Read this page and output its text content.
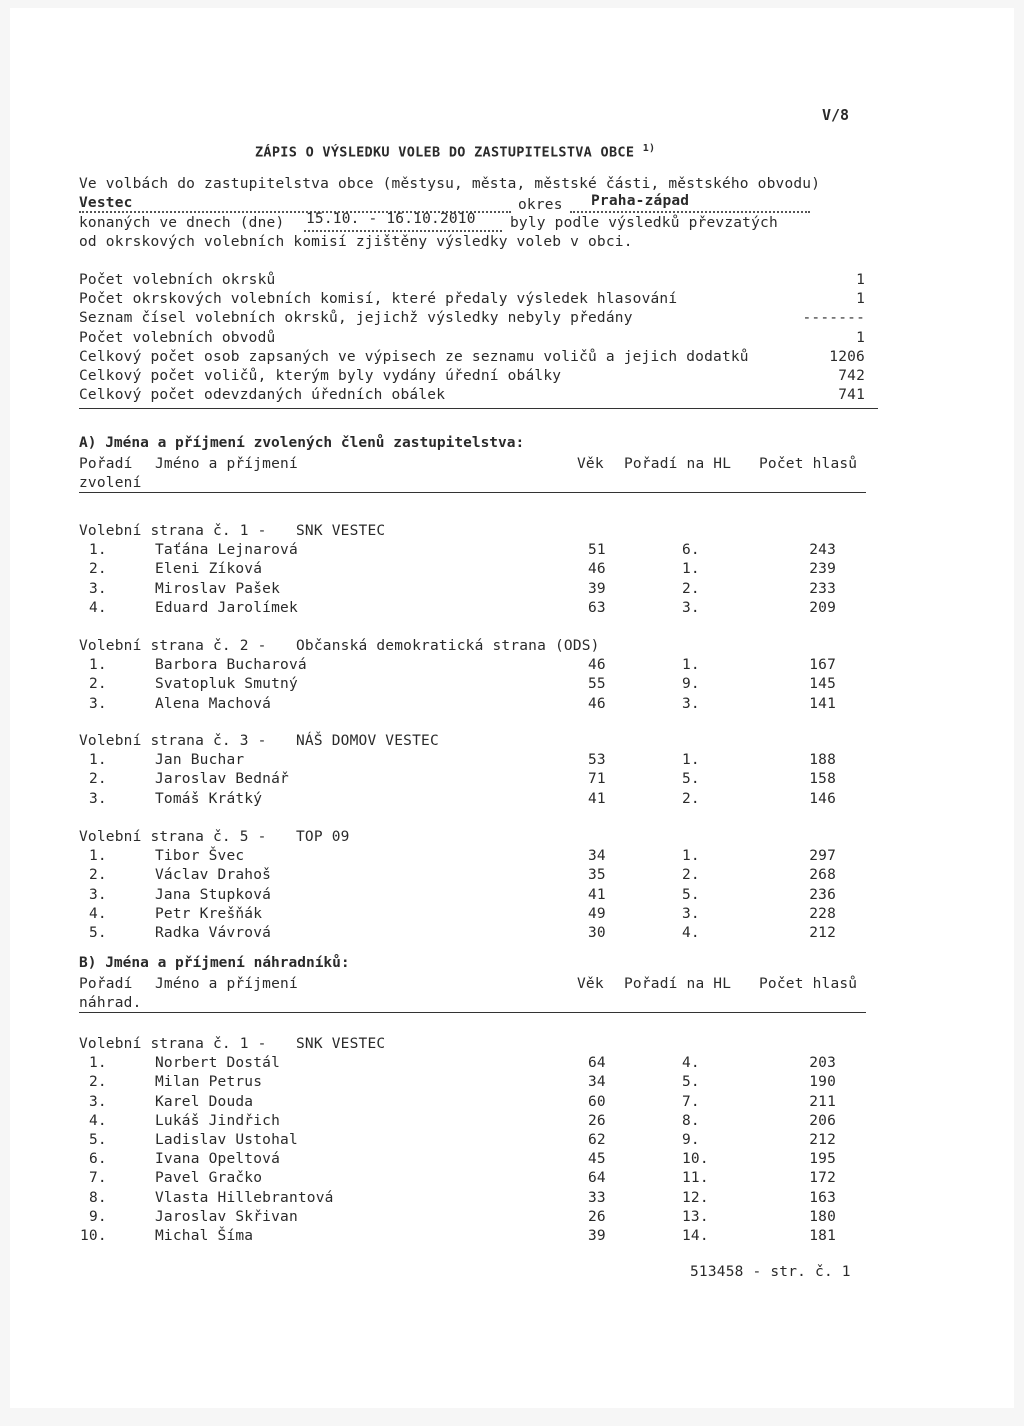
V/8
ZÁPIS O VÝSLEDKU VOLEB DO ZASTUPITELSTVA OBCE $^{1)}$
Ve volbách do zastupitelstva obce (městysu, města, městské části, městského obvodu)
Vestec	okres Praha-západ
konaných ve dnech (dne) 15.10. - 16.10.2010 byly podle výsledků převzatých
od okrskových volebních komisí zjištěny výsledky voleb v obci.
Počet volebních okrsků	1
Počet okrskových volebních komisí, které předaly výsledek hlasování	1
Seznam čísel volebních okrsků, jejichž výsledky nebyly předány	-------
Počet volebních obvodů	1
Celkový počet osob zapsaných ve výpisech ze seznamu voličů a jejich dodatků	1206
Celkový počet voličů, kterým byly vydány úřední obálky	742
Celkový počet odevzdaných úředních obálek	741
A) Jména a příjmení zvolených členů zastupitelstva:
Pořadí
zvolení
Jméno a příjmení	Věk Pořadí na HL Počet hlasů
Volební strana č. 1 - SNK VESTEC
1.	Taťána Lejnarová	51	6.	243
2.	Eleni Zíková	46	1.	239
3.	Miroslav Pašek	39	2.	233
4.	Eduard Jarolímek	63	3.	209
Volební strana č. 2 - Občanská demokratická strana (ODS)
1.	Barbora Bucharová	46	1.	167
2.	Svatopluk Smutný	55	9.	145
3.	Alena Machová	46	3.	141
Volební strana č. 3 - NÁŠ DOMOV VESTEC
1.	Jan Buchar	53	1.	188
2.	Jaroslav Bednář	71	5.	158
3.	Tomáš Krátký	41	2.	146
Volební strana č. 5 - TOP 09
1.	Tibor Švec	34	1.	297
2.	Václav Drahoš	35	2.	268
3.	Jana Stupková	41	5.	236
4.	Petr Krešňák	49	3.	228
5.	Radka Vávrová	30	4.	212
B) Jména a příjmení náhradníků:
Pořadí
náhrad.
Jméno a příjmení	Věk Pořadí na HL Počet hlasů
Volební strana č. 1 - SNK VESTEC
1.	Norbert Dostál	64	4.	203
2.	Milan Petrus	34	5.	190
3.	Karel Douda	60	7.	211
4.	Lukáš Jindřich	26	8.	206
5.	Ladislav Ustohal	62	9.	212
6.	Ivana Opeltová	45	10.	195
7.	Pavel Gračko	64	11.	172
8.	Vlasta Hillebrantová	33	12.	163
9.	Jaroslav Skřivan	26	13.	180
10.	Michal Šíma	39	14.	181
513458 - str. č. 1
